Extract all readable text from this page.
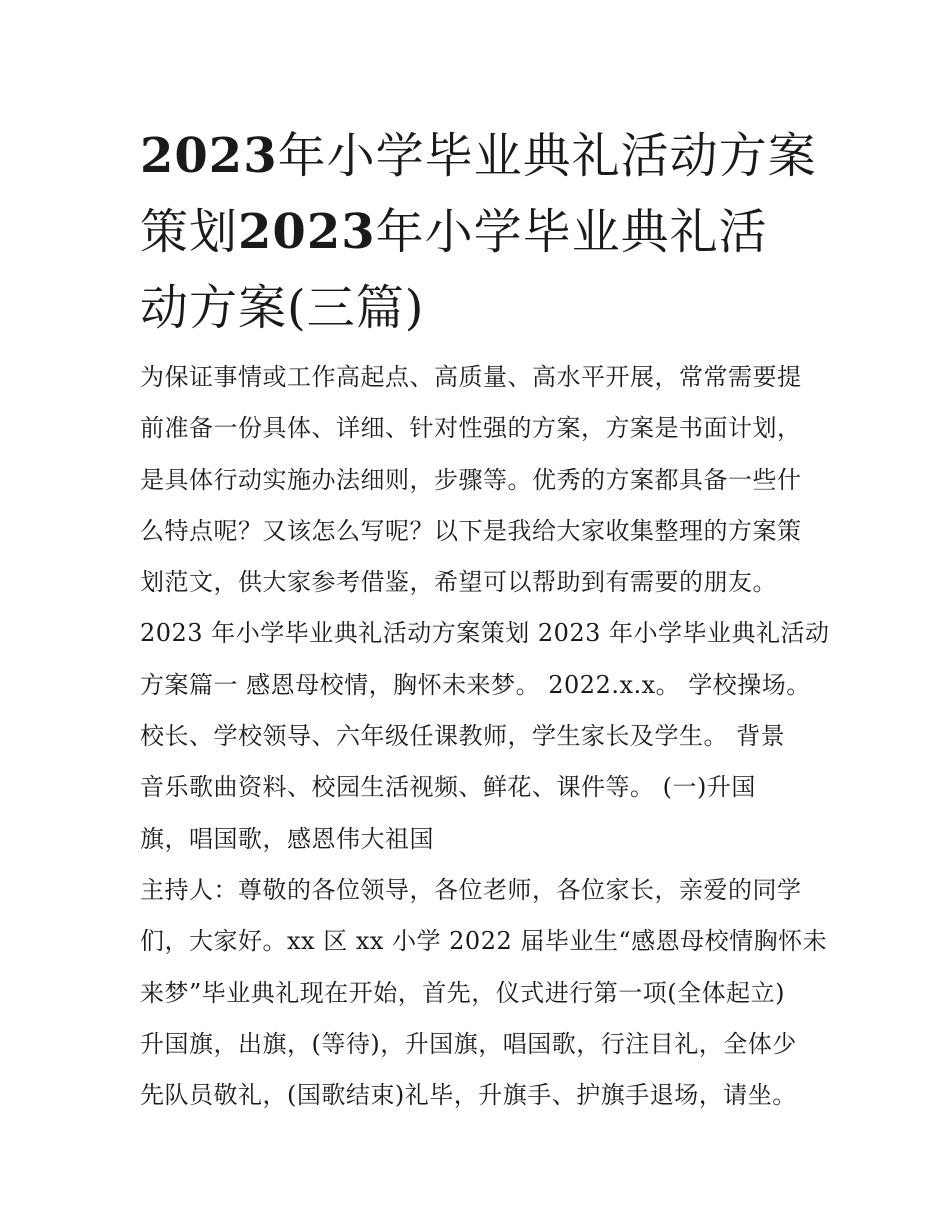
2023年小学毕业典礼活动方案
策划2023年小学毕业典礼活
动方案(三篇)
为保证事情或工作高起点、高质量、高水平开展，常常需要提
前准备一份具体、详细、针对性强的方案，方案是书面计划，
是具体行动实施办法细则，步骤等。优秀的方案都具备一些什
么特点呢？又该怎么写呢？以下是我给大家收集整理的方案策
划范文，供大家参考借鉴，希望可以帮助到有需要的朋友。
2023 年小学毕业典礼活动方案策划 2023 年小学毕业典礼活动
方案篇一 感恩母校情，胸怀未来梦。 2022.x.x。 学校操场。
校长、学校领导、六年级任课教师，学生家长及学生。 背景
音乐歌曲资料、校园生活视频、鲜花、课件等。 (一)升国
旗，唱国歌，感恩伟大祖国
主持人：尊敬的各位领导，各位老师，各位家长，亲爱的同学
们，大家好。xx 区 xx 小学 2022 届毕业生“感恩母校情胸怀未
来梦”毕业典礼现在开始，首先，仪式进行第一项(全体起立)
升国旗，出旗，(等待)，升国旗，唱国歌，行注目礼，全体少
先队员敬礼，(国歌结束)礼毕，升旗手、护旗手退场，请坐。
